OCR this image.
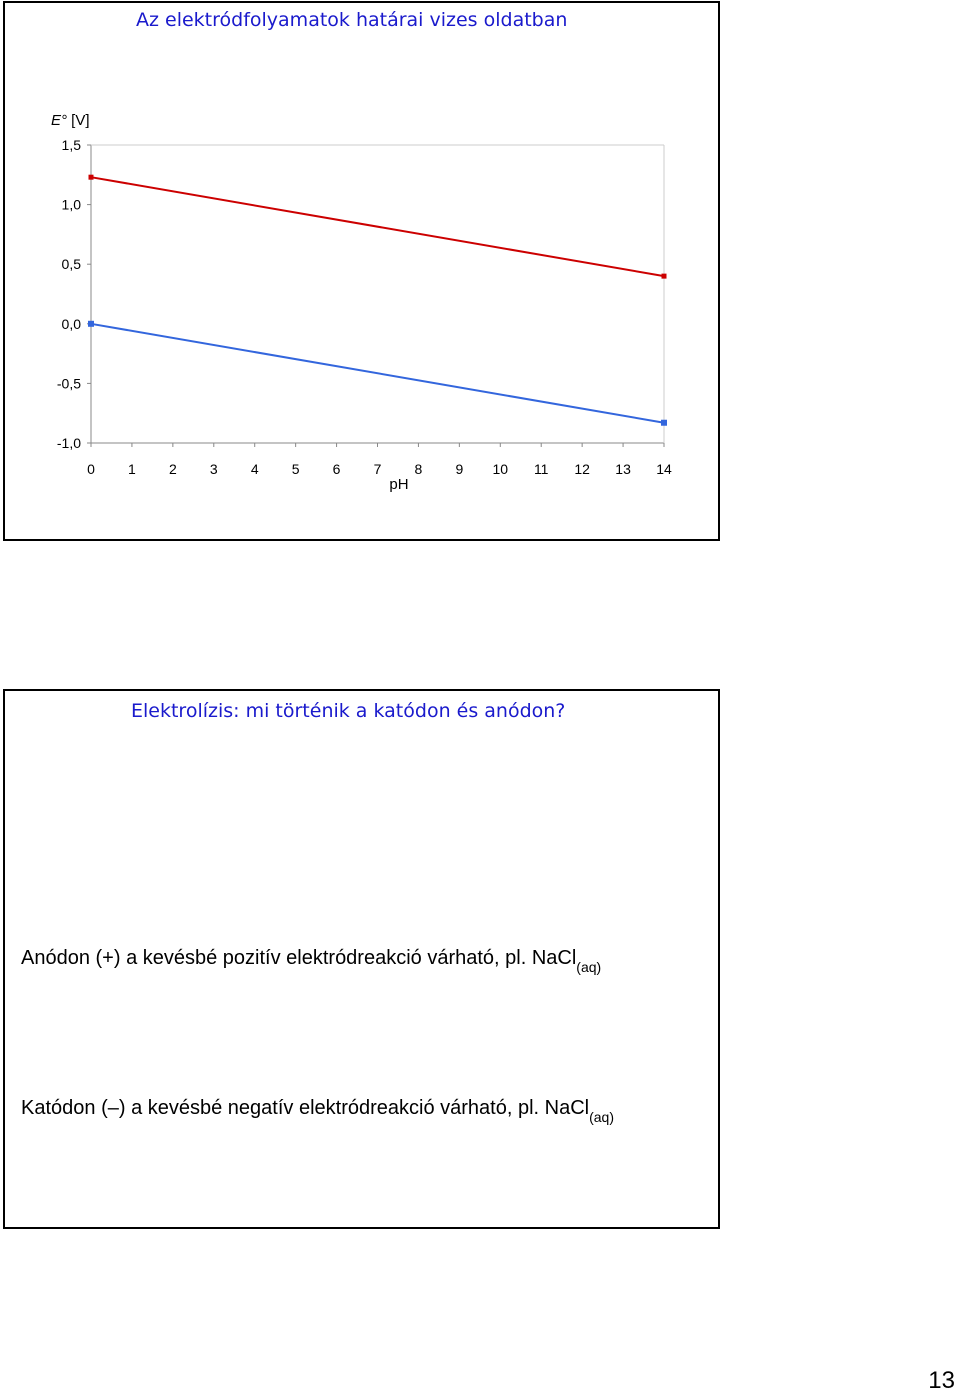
Az elektródfolyamatok határai vizes oldatban
1,5
1,0
0,5
0,0
-0,5
-1,0
0 1 2 3 4 5 6 7 8 9 10 11 12 13 14
pH
E° [V]
Elektrolízis: mi történik a katódon és anódon?
Anódon (+) a kevésbé pozitív elektródreakció várható, pl. NaCl$_{(aq)}$
Katódon (–) a kevésbé negatív elektródreakció várható, pl. NaCl$_{(aq)}$
13
